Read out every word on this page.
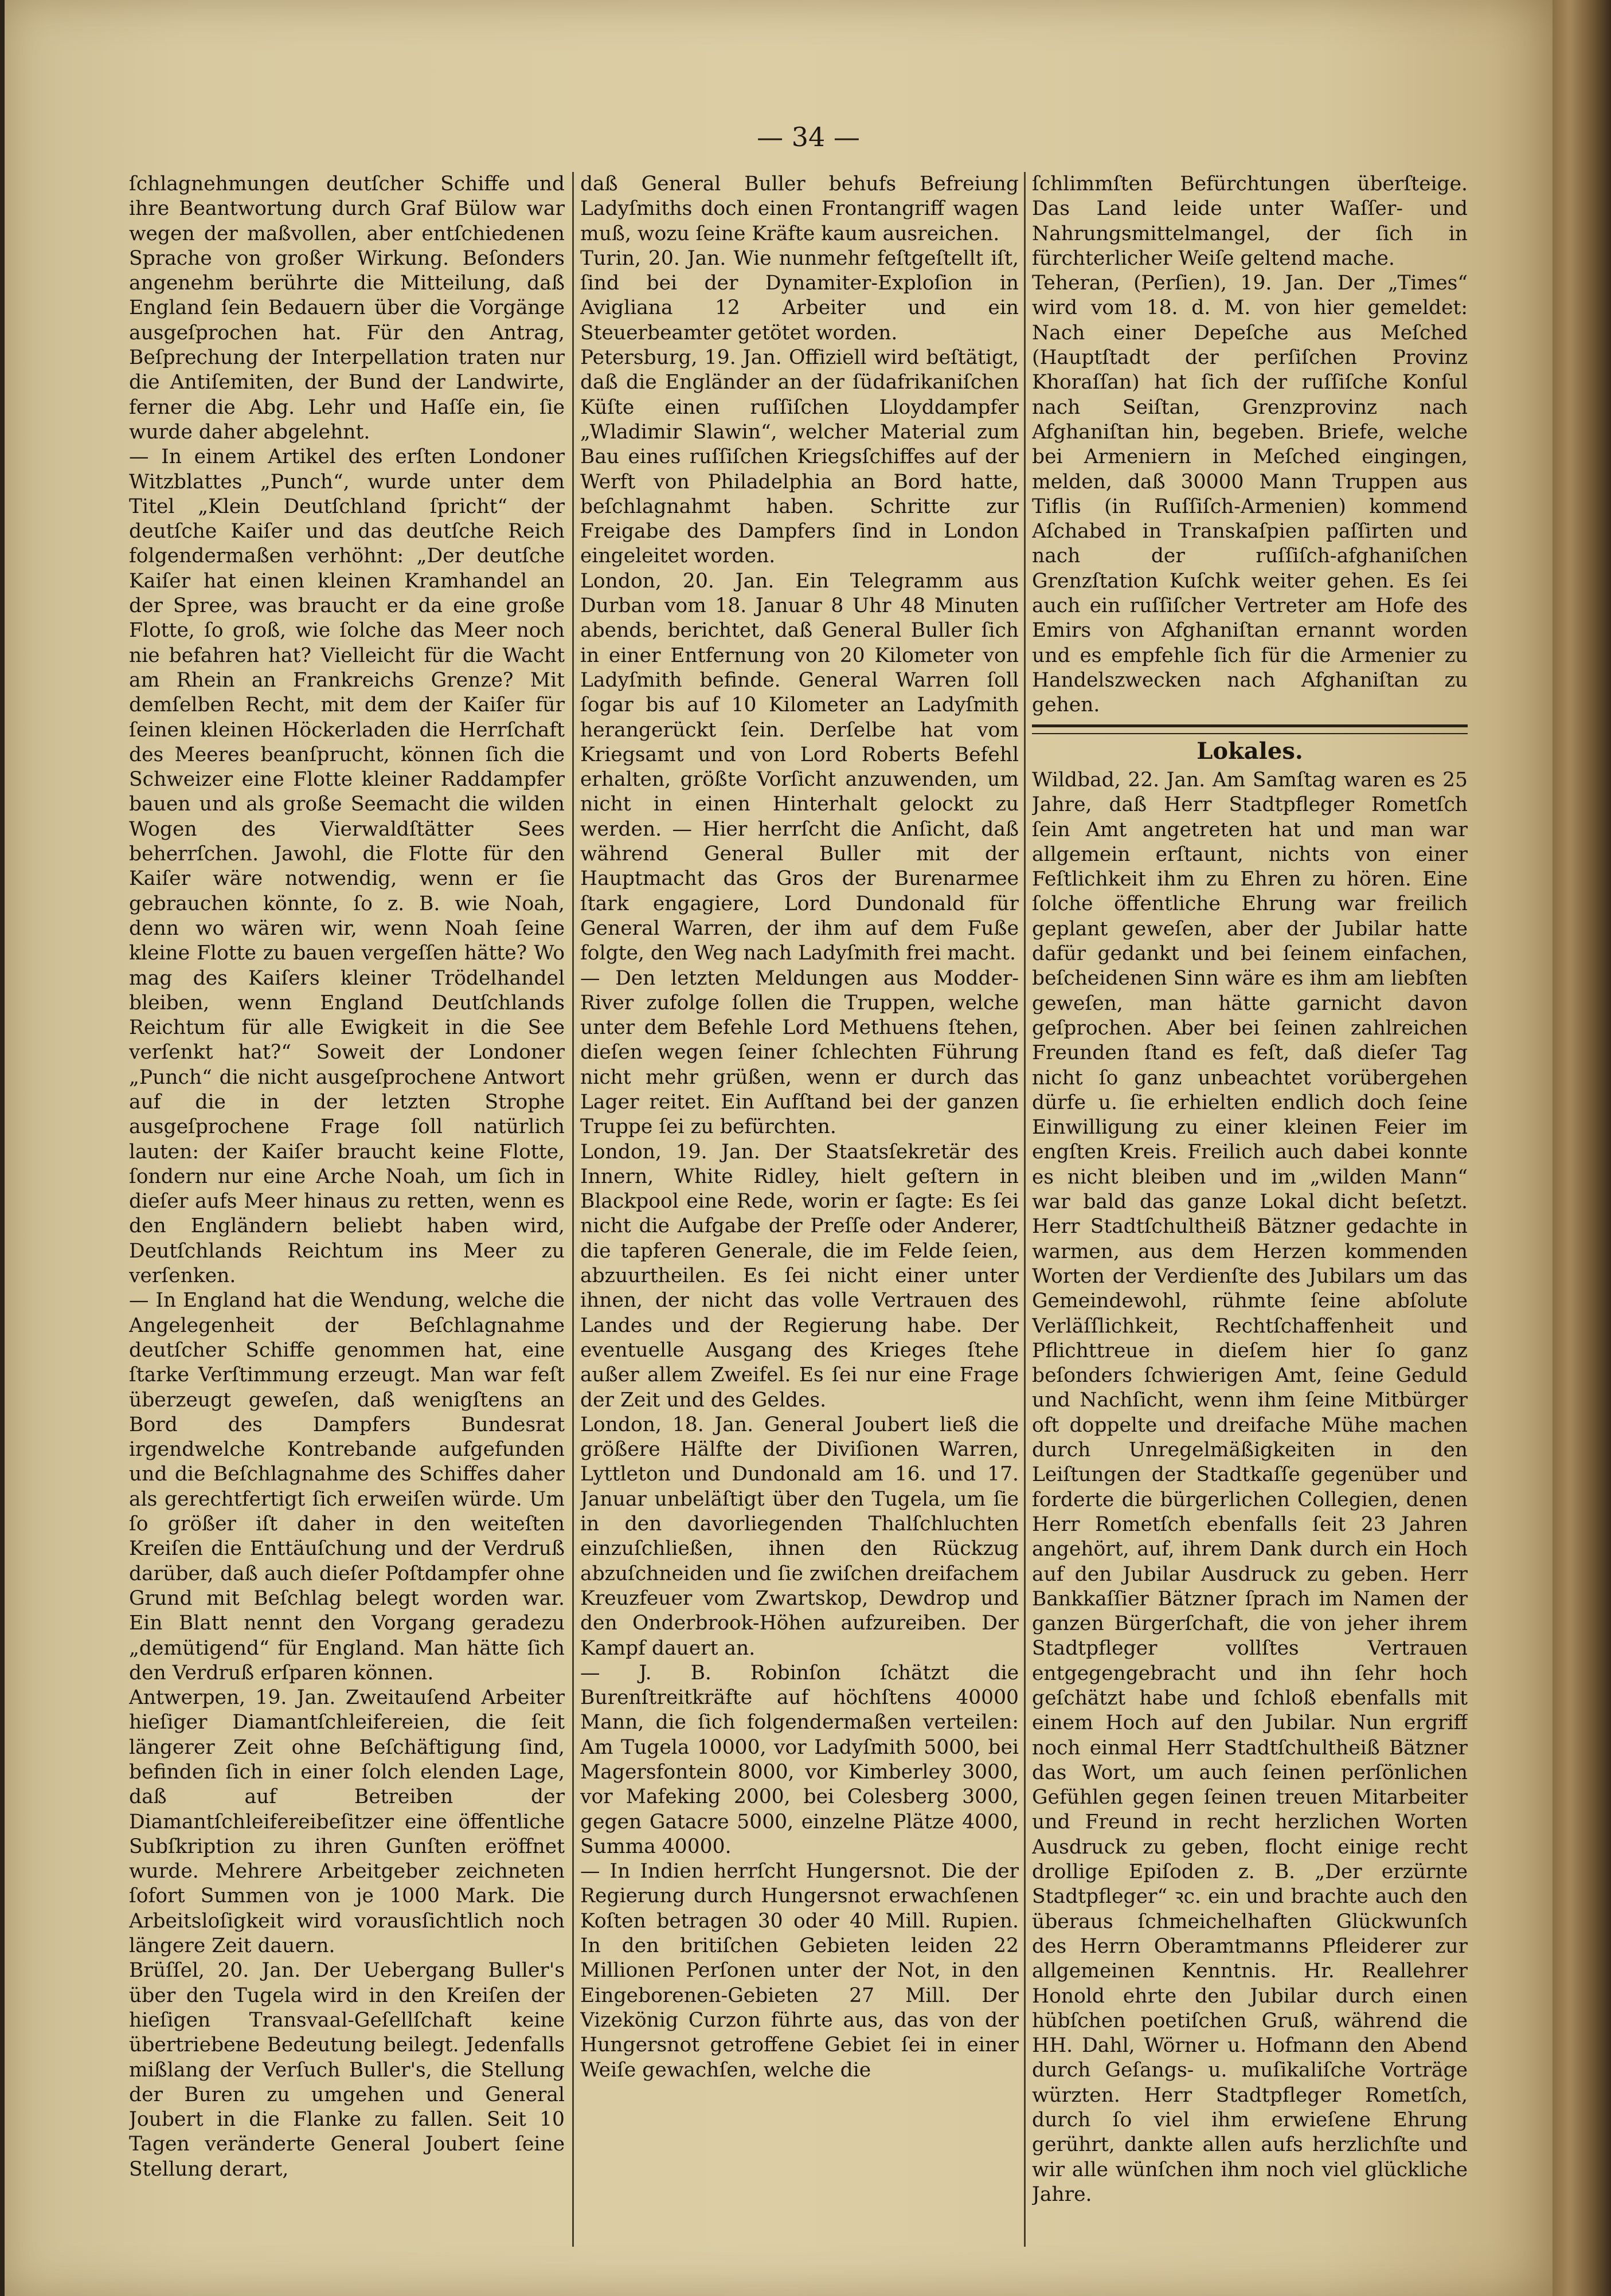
— 34 —

ſchlagnehmungen deutſcher Schiffe und ihre Beantwortung durch Graf Bülow war wegen der maßvollen, aber entſchiedenen Sprache von großer Wirkung. Beſonders angenehm berührte die Mitteilung, daß England ſein Bedauern über die Vorgänge ausgeſprochen hat. Für den Antrag, Beſprechung der Interpellation traten nur die Antiſemiten, der Bund der Landwirte, ferner die Abg. Lehr und Haſſe ein, ſie wurde daher abgelehnt.

— In einem Artikel des erſten Londoner Witzblattes „Punch“, wurde unter dem Titel „Klein Deutſchland ſpricht“ der deutſche Kaiſer und das deutſche Reich folgendermaßen verhöhnt: „Der deutſche Kaiſer hat einen kleinen Kramhandel an der Spree, was braucht er da eine große Flotte, ſo groß, wie ſolche das Meer noch nie befahren hat? Vielleicht für die Wacht am Rhein an Frankreichs Grenze? Mit demſelben Recht, mit dem der Kaiſer für ſeinen kleinen Höckerladen die Herrſchaft des Meeres beanſprucht, können ſich die Schweizer eine Flotte kleiner Raddampfer bauen und als große Seemacht die wilden Wogen des Vierwaldſtätter Sees beherrſchen. Jawohl, die Flotte für den Kaiſer wäre notwendig, wenn er ſie gebrauchen könnte, ſo z. B. wie Noah, denn wo wären wir, wenn Noah ſeine kleine Flotte zu bauen vergeſſen hätte? Wo mag des Kaiſers kleiner Trödelhandel bleiben, wenn England Deutſchlands Reichtum für alle Ewigkeit in die See verſenkt hat?“ Soweit der Londoner „Punch“ die nicht ausgeſprochene Antwort auf die in der letzten Strophe ausgeſprochene Frage ſoll natürlich lauten: der Kaiſer braucht keine Flotte, ſondern nur eine Arche Noah, um ſich in dieſer aufs Meer hinaus zu retten, wenn es den Engländern beliebt haben wird, Deutſchlands Reichtum ins Meer zu verſenken.

— In England hat die Wendung, welche die Angelegenheit der Beſchlagnahme deutſcher Schiffe genommen hat, eine ſtarke Verſtimmung erzeugt. Man war feſt überzeugt geweſen, daß wenigſtens an Bord des Dampfers Bundesrat irgendwelche Kontrebande aufgefunden und die Beſchlagnahme des Schiffes daher als gerechtfertigt ſich erweiſen würde. Um ſo größer iſt daher in den weiteſten Kreiſen die Enttäuſchung und der Verdruß darüber, daß auch dieſer Poſtdampfer ohne Grund mit Beſchlag belegt worden war. Ein Blatt nennt den Vorgang geradezu „demütigend“ für England. Man hätte ſich den Verdruß erſparen können.

Antwerpen, 19. Jan. Zweitauſend Arbeiter hieſiger Diamantſchleifereien, die ſeit längerer Zeit ohne Beſchäftigung ſind, befinden ſich in einer ſolch elenden Lage, daß auf Betreiben der Diamantſchleifereibeſitzer eine öffentliche Subſkription zu ihren Gunſten eröffnet wurde. Mehrere Arbeitgeber zeichneten ſofort Summen von je 1000 Mark. Die Arbeitsloſigkeit wird vorausſichtlich noch längere Zeit dauern.

Brüſſel, 20. Jan. Der Uebergang Buller's über den Tugela wird in den Kreiſen der hieſigen Transvaal-Geſellſchaft keine übertriebene Bedeutung beilegt. Jedenfalls mißlang der Verſuch Buller's, die Stellung der Buren zu umgehen und General Joubert in die Flanke zu fallen. Seit 10 Tagen veränderte General Joubert ſeine Stellung derart,

daß General Buller behufs Befreiung Ladyſmiths doch einen Frontangriff wagen muß, wozu ſeine Kräfte kaum ausreichen.

Turin, 20. Jan. Wie nunmehr feſtgeſtellt iſt, ſind bei der Dynamiter-Exploſion in Avigliana 12 Arbeiter und ein Steuerbeamter getötet worden.

Petersburg, 19. Jan. Offiziell wird beſtätigt, daß die Engländer an der ſüdafrikaniſchen Küſte einen ruſſiſchen Lloyddampfer „Wladimir Slawin“, welcher Material zum Bau eines ruſſiſchen Kriegsſchiffes auf der Werft von Philadelphia an Bord hatte, beſchlagnahmt haben. Schritte zur Freigabe des Dampfers ſind in London eingeleitet worden.

London, 20. Jan. Ein Telegramm aus Durban vom 18. Januar 8 Uhr 48 Minuten abends, berichtet, daß General Buller ſich in einer Entfernung von 20 Kilometer von Ladyſmith befinde. General Warren ſoll ſogar bis auf 10 Kilometer an Ladyſmith herangerückt ſein. Derſelbe hat vom Kriegsamt und von Lord Roberts Befehl erhalten, größte Vorſicht anzuwenden, um nicht in einen Hinterhalt gelockt zu werden. — Hier herrſcht die Anſicht, daß während General Buller mit der Hauptmacht das Gros der Burenarmee ſtark engagiere, Lord Dundonald für General Warren, der ihm auf dem Fuße folgte, den Weg nach Ladyſmith frei macht.

— Den letzten Meldungen aus Modder-River zufolge ſollen die Truppen, welche unter dem Befehle Lord Methuens ſtehen, dieſen wegen ſeiner ſchlechten Führung nicht mehr grüßen, wenn er durch das Lager reitet. Ein Aufſtand bei der ganzen Truppe ſei zu befürchten.

London, 19. Jan. Der Staatsſekretär des Innern, White Ridley, hielt geſtern in Blackpool eine Rede, worin er ſagte: Es ſei nicht die Aufgabe der Preſſe oder Anderer, die tapferen Generale, die im Felde ſeien, abzuurtheilen. Es ſei nicht einer unter ihnen, der nicht das volle Vertrauen des Landes und der Regierung habe. Der eventuelle Ausgang des Krieges ſtehe außer allem Zweifel. Es ſei nur eine Frage der Zeit und des Geldes.

London, 18. Jan. General Joubert ließ die größere Hälfte der Diviſionen Warren, Lyttleton und Dundonald am 16. und 17. Januar unbeläſtigt über den Tugela, um ſie in den davorliegenden Thalſchluchten einzuſchließen, ihnen den Rückzug abzuſchneiden und ſie zwiſchen dreifachem Kreuzfeuer vom Zwartskop, Dewdrop und den Onderbrook-Höhen aufzureiben. Der Kampf dauert an.

— J. B. Robinſon ſchätzt die Burenſtreitkräfte auf höchſtens 40000 Mann, die ſich folgendermaßen verteilen: Am Tugela 10000, vor Ladyſmith 5000, bei Magersfontein 8000, vor Kimberley 3000, vor Mafeking 2000, bei Colesberg 3000, gegen Gatacre 5000, einzelne Plätze 4000, Summa 40000.

— In Indien herrſcht Hungersnot. Die der Regierung durch Hungersnot erwachſenen Koſten betragen 30 oder 40 Mill. Rupien. In den britiſchen Gebieten leiden 22 Millionen Perſonen unter der Not, in den Eingeborenen-Gebieten 27 Mill. Der Vizekönig Curzon führte aus, das von der Hungersnot getroffene Gebiet ſei in einer Weiſe gewachſen, welche die

ſchlimmſten Befürchtungen überſteige. Das Land leide unter Waſſer- und Nahrungsmittelmangel, der ſich in fürchterlicher Weiſe geltend mache.

Teheran, (Perſien), 19. Jan. Der „Times“ wird vom 18. d. M. von hier gemeldet: Nach einer Depeſche aus Meſched (Hauptſtadt der perſiſchen Provinz Khoraſſan) hat ſich der ruſſiſche Konſul nach Seiſtan, Grenzprovinz nach Afghaniſtan hin, begeben. Briefe, welche bei Armeniern in Meſched eingingen, melden, daß 30000 Mann Truppen aus Tiflis (in Ruſſiſch-Armenien) kommend Aſchabed in Transkaſpien paſſirten und nach der ruſſiſch-afghaniſchen Grenzſtation Kuſchk weiter gehen. Es ſei auch ein ruſſiſcher Vertreter am Hofe des Emirs von Afghaniſtan ernannt worden und es empfehle ſich für die Armenier zu Handelszwecken nach Afghaniſtan zu gehen.

Lokales.

Wildbad, 22. Jan. Am Samſtag waren es 25 Jahre, daß Herr Stadtpfleger Rometſch ſein Amt angetreten hat und man war allgemein erſtaunt, nichts von einer Feſtlichkeit ihm zu Ehren zu hören. Eine ſolche öffentliche Ehrung war freilich geplant geweſen, aber der Jubilar hatte dafür gedankt und bei ſeinem einfachen, beſcheidenen Sinn wäre es ihm am liebſten geweſen, man hätte garnicht davon geſprochen. Aber bei ſeinen zahlreichen Freunden ſtand es feſt, daß dieſer Tag nicht ſo ganz unbeachtet vorübergehen dürfe u. ſie erhielten endlich doch ſeine Einwilligung zu einer kleinen Feier im engſten Kreis. Freilich auch dabei konnte es nicht bleiben und im „wilden Mann“ war bald das ganze Lokal dicht beſetzt. Herr Stadtſchultheiß Bätzner gedachte in warmen, aus dem Herzen kommenden Worten der Verdienſte des Jubilars um das Gemeindewohl, rühmte ſeine abſolute Verläſſlichkeit, Rechtſchaffenheit und Pflichttreue in dieſem hier ſo ganz beſonders ſchwierigen Amt, ſeine Geduld und Nachſicht, wenn ihm ſeine Mitbürger oft doppelte und dreifache Mühe machen durch Unregelmäßigkeiten in den Leiſtungen der Stadtkaſſe gegenüber und forderte die bürgerlichen Collegien, denen Herr Rometſch ebenfalls ſeit 23 Jahren angehört, auf, ihrem Dank durch ein Hoch auf den Jubilar Ausdruck zu geben. Herr Bankkaſſier Bätzner ſprach im Namen der ganzen Bürgerſchaft, die von jeher ihrem Stadtpfleger vollſtes Vertrauen entgegengebracht und ihn ſehr hoch geſchätzt habe und ſchloß ebenfalls mit einem Hoch auf den Jubilar. Nun ergriff noch einmal Herr Stadtſchultheiß Bätzner das Wort, um auch ſeinen perſönlichen Gefühlen gegen ſeinen treuen Mitarbeiter und Freund in recht herzlichen Worten Ausdruck zu geben, flocht einige recht drollige Epiſoden z. B. „Der erzürnte Stadtpfleger“ ꝛc. ein und brachte auch den überaus ſchmeichelhaften Glückwunſch des Herrn Oberamtmanns Pfleiderer zur allgemeinen Kenntnis. Hr. Reallehrer Honold ehrte den Jubilar durch einen hübſchen poetiſchen Gruß, während die HH. Dahl, Wörner u. Hofmann den Abend durch Geſangs- u. muſikaliſche Vorträge würzten. Herr Stadtpfleger Rometſch, durch ſo viel ihm erwieſene Ehrung gerührt, dankte allen aufs herzlichſte und wir alle wünſchen ihm noch viel glückliche Jahre.
